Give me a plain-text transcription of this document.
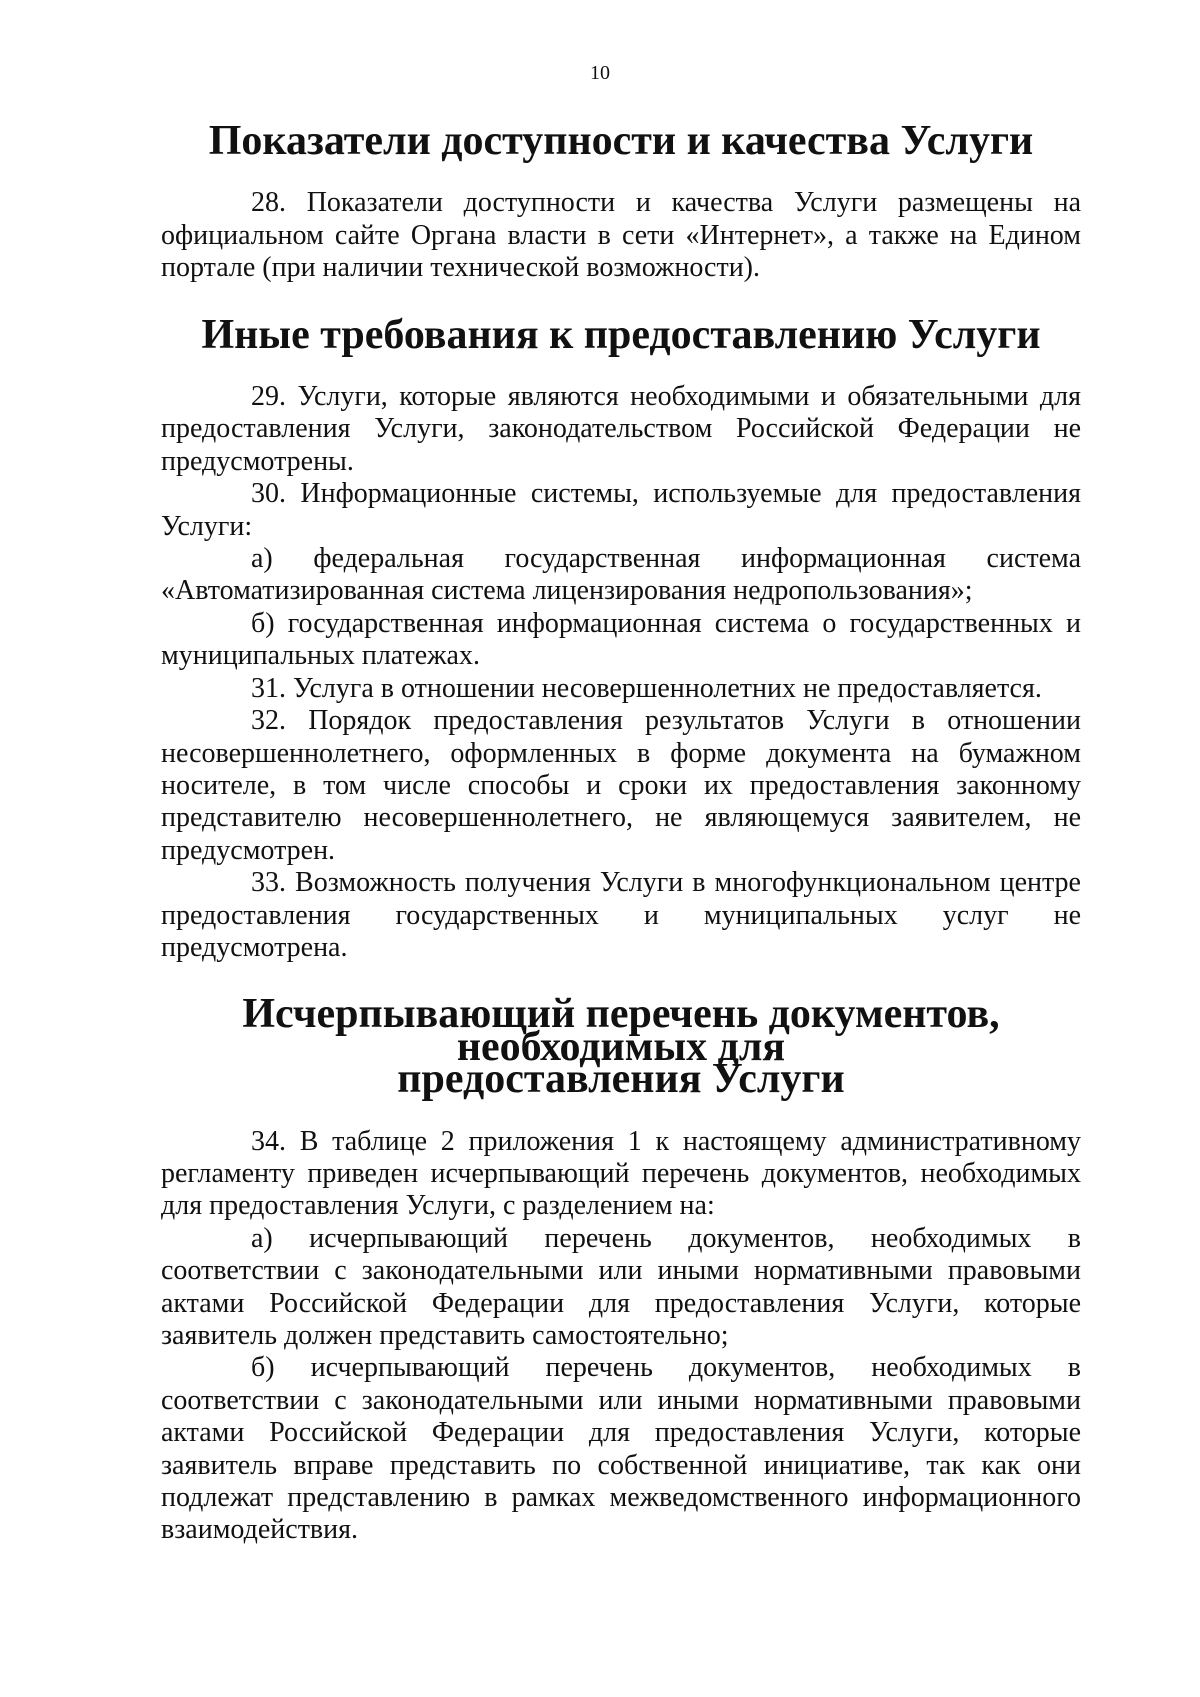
10
Показатели доступности и качества Услуги

28. Показатели доступности и качества Услуги размещены на официальном сайте Органа власти в сети «Интернет», а также на Едином портале (при наличии технической возможности).

Иные требования к предоставлению Услуги

29. Услуги, которые являются необходимыми и обязательными для предоставления Услуги, законодательством Российской Федерации не предусмотрены.

30. Информационные системы, используемые для предоставления Услуги:

а) федеральная государственная информационная система «Автоматизированная система лицензирования недропользования»;

б) государственная информационная система о государственных и муниципальных платежах.

31. Услуга в отношении несовершеннолетних не предоставляется.

32. Порядок предоставления результатов Услуги в отношении несовершеннолетнего, оформленных в форме документа на бумажном носителе, в том числе способы и сроки их предоставления законному представителю несовершеннолетнего, не являющемуся заявителем, не предусмотрен.

33. Возможность получения Услуги в многофункциональном центре предоставления государственных и муниципальных услуг не предусмотрена.

Исчерпывающий перечень документов, необходимых для
предоставления Услуги

34. В таблице 2 приложения 1 к настоящему административному регламенту приведен исчерпывающий перечень документов, необходимых для предоставления Услуги, с разделением на:

а) исчерпывающий перечень документов, необходимых в соответствии с законодательными или иными нормативными правовыми актами Российской Федерации для предоставления Услуги, которые заявитель должен представить самостоятельно;

б) исчерпывающий перечень документов, необходимых в соответствии с законодательными или иными нормативными правовыми актами Российской Федерации для предоставления Услуги, которые заявитель вправе представить по собственной инициативе, так как они подлежат представлению в рамках межведомственного информационного взаимодействия.
